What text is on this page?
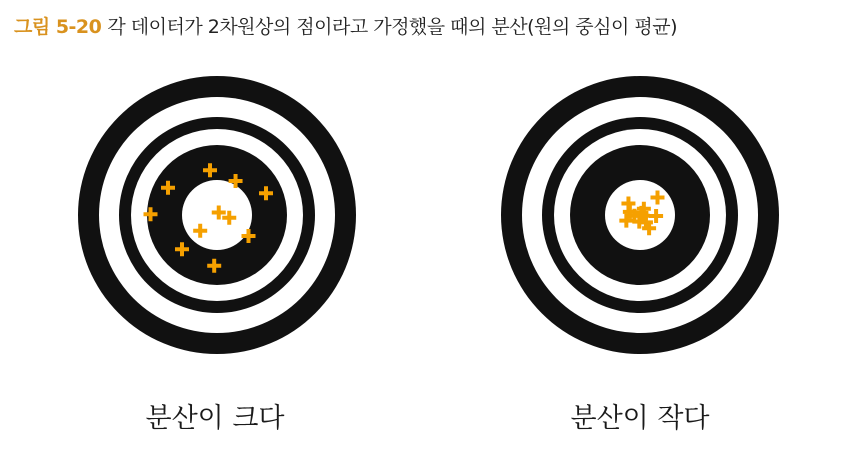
그림 5-20 각 데이터가 2차원상의 점이라고 가정했을 때의 분산(원의 중심이 평균)
분산이 크다	분산이 작다
